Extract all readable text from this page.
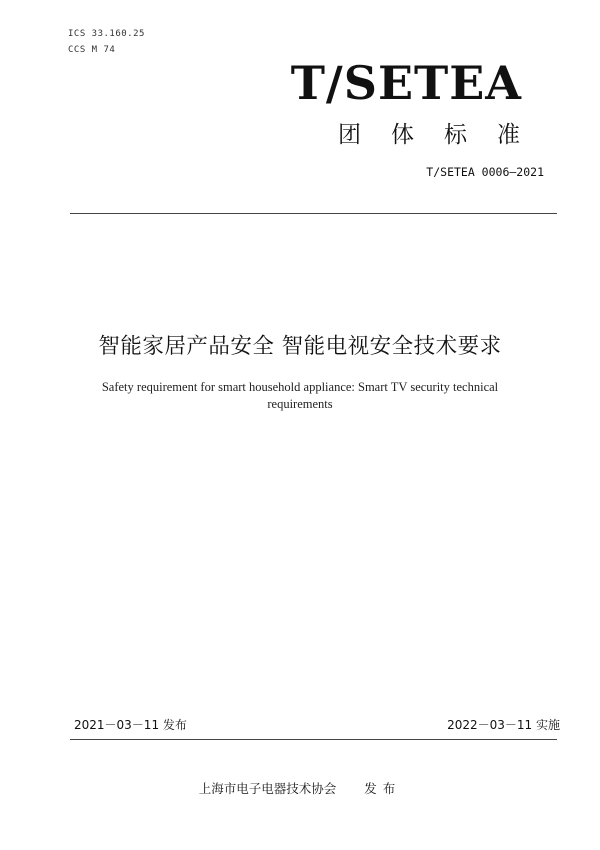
ICS 33.160.25
CCS M 74
T/SETEA
团体标准
T/SETEA 0006—2021
智能家居产品安全 智能电视安全技术要求
Safety requirement for smart household appliance: Smart TV security technical requirements
2021－03－11 发布	2022－03－11 实施
上海市电子电器技术协会 发布
